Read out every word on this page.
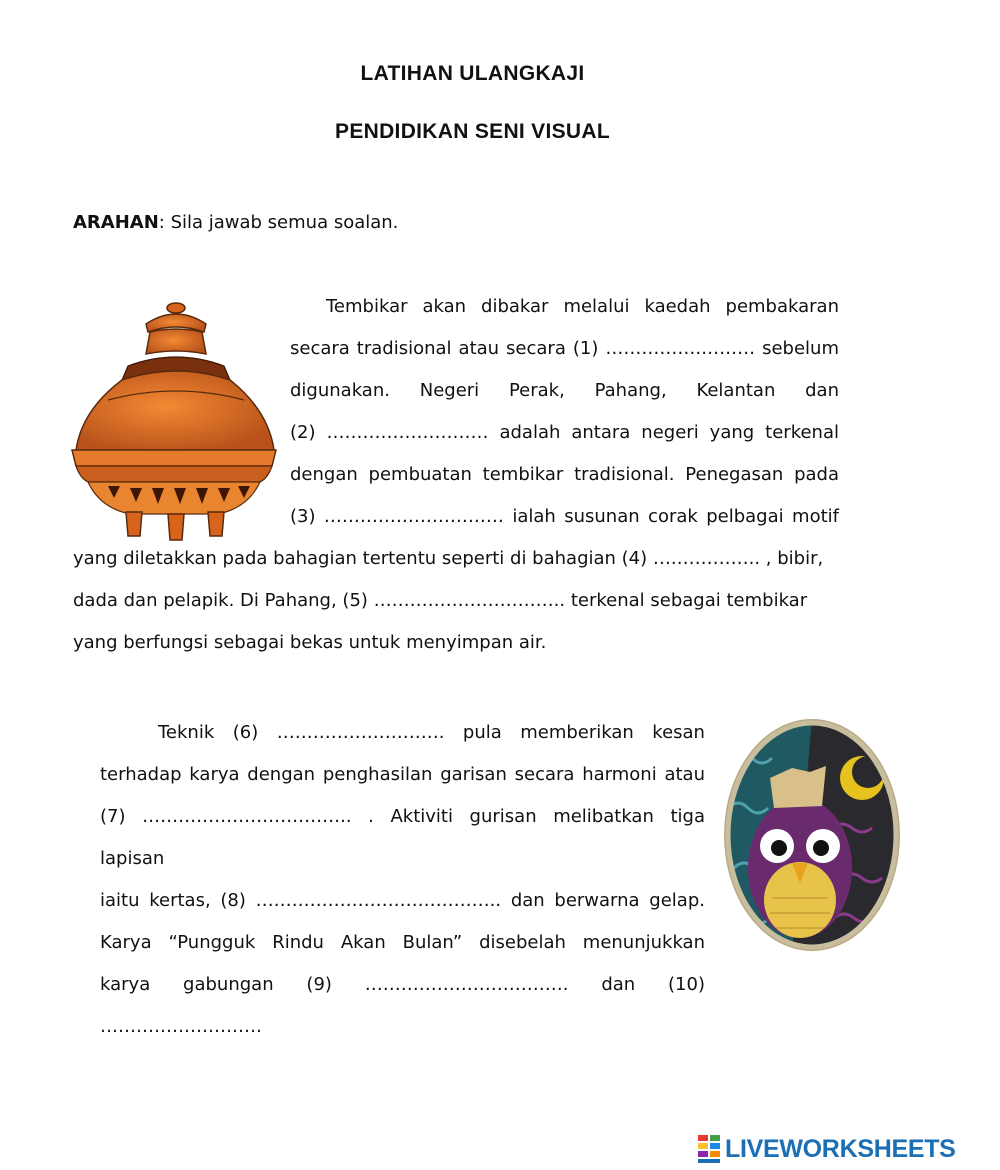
LATIHAN ULANGKAJI
PENDIDIKAN SENI VISUAL

ARAHAN: Sila jawab semua soalan.

Tembikar akan dibakar melalui kaedah pembakaran
secara tradisional atau secara (1) …………….……… sebelum
digunakan. Negeri Perak, Pahang, Kelantan dan
(2) ……………………… adalah antara negeri yang terkenal
dengan pembuatan tembikar tradisional. Penegasan pada
(3) ………………………… ialah susunan corak pelbagai motif

yang diletakkan pada bahagian tertentu seperti di bahagian (4) ….………….. , bibir,
dada dan pelapik. Di Pahang, (5) ………………………….. terkenal sebagai tembikar
yang berfungsi sebagai bekas untuk menyimpan air.

Teknik (6) ………………………. pula memberikan kesan
terhadap karya dengan penghasilan garisan secara harmoni atau
(7) …………………………….. . Aktiviti gurisan melibatkan tiga lapisan
iaitu kertas, (8) ………………………………….. dan berwarna gelap.
Karya “Pungguk Rindu Akan Bulan” disebelah menunjukkan
karya gabungan (9) ……………………………. dan (10) ………………………

LIVEWORKSHEETS
